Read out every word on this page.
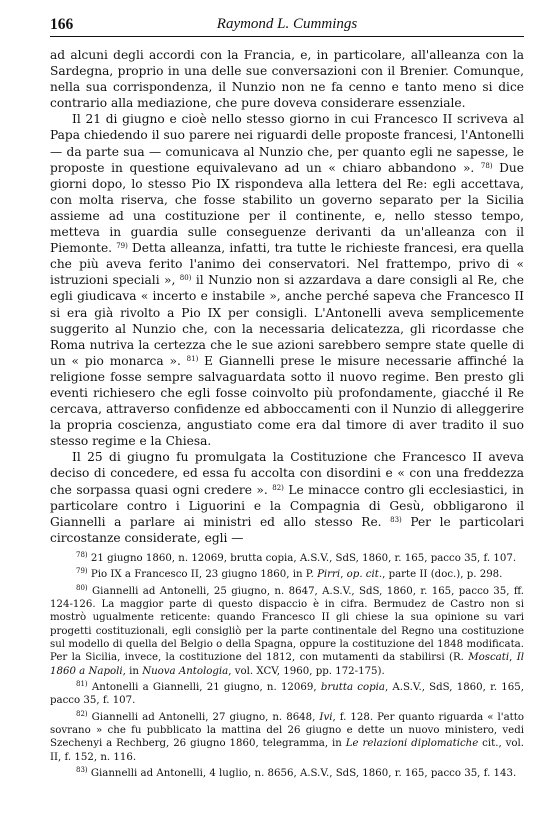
166	Raymond L. Cummings

ad alcuni degli accordi con la Francia, e, in particolare, all'alleanza con la Sardegna, proprio in una delle sue conversazioni con il Brenier. Comunque, nella sua corrispondenza, il Nunzio non ne fa cenno e tanto meno si dice contrario alla mediazione, che pure doveva considerare essenziale.

Il 21 di giugno e cioè nello stesso giorno in cui Francesco II scriveva al Papa chiedendo il suo parere nei riguardi delle proposte francesi, l'Antonelli — da parte sua — comunicava al Nunzio che, per quanto egli ne sapesse, le proposte in questione equivalevano ad un « chiaro abbandono ». $^{78)}$ Due giorni dopo, lo stesso Pio IX rispondeva alla lettera del Re: egli accettava, con molta riserva, che fosse stabilito un governo separato per la Sicilia assieme ad una costituzione per il continente, e, nello stesso tempo, metteva in guardia sulle conseguenze derivanti da un'alleanza con il Piemonte. $^{79)}$ Detta alleanza, infatti, tra tutte le richieste francesi, era quella che più aveva ferito l'animo dei conservatori. Nel frattempo, privo di « istruzioni speciali », $^{80)}$ il Nunzio non si azzardava a dare consigli al Re, che egli giudicava « incerto e instabile », anche perché sapeva che Francesco II si era già rivolto a Pio IX per consigli. L'Antonelli aveva semplicemente suggerito al Nunzio che, con la necessaria delicatezza, gli ricordasse che Roma nutriva la certezza che le sue azioni sarebbero sempre state quelle di un « pio monarca ». $^{81)}$ E Giannelli prese le misure necessarie affinché la religione fosse sempre salvaguardata sotto il nuovo regime. Ben presto gli eventi richiesero che egli fosse coinvolto più profondamente, giacché il Re cercava, attraverso confidenze ed abboccamenti con il Nunzio di alleggerire la propria coscienza, angustiato come era dal timore di aver tradito il suo stesso regime e la Chiesa.

Il 25 di giugno fu promulgata la Costituzione che Francesco II aveva deciso di concedere, ed essa fu accolta con disordini e « con una freddezza che sorpassa quasi ogni credere ». $^{82)}$ Le minacce contro gli ecclesiastici, in particolare contro i Liguorini e la Compagnia di Gesù, obbligarono il Giannelli a parlare ai ministri ed allo stesso Re. $^{83)}$ Per le particolari circostanze considerate, egli —

$^{78)}$ 21 giugno 1860, n. 12069, brutta copia, A.S.V., SdS, 1860, r. 165, pacco 35, f. 107.

$^{79)}$ Pio IX a Francesco II, 23 giugno 1860, in P. Pirri, op. cit., parte II (doc.), p. 298.

$^{80)}$ Giannelli ad Antonelli, 25 giugno, n. 8647, A.S.V., SdS, 1860, r. 165, pacco 35, ff. 124-126. La maggior parte di questo dispaccio è in cifra. Bermudez de Castro non si mostrò ugualmente reticente: quando Francesco II gli chiese la sua opinione su vari progetti costituzionali, egli consigliò per la parte continentale del Regno una costituzione sul modello di quella del Belgio o della Spagna, oppure la costituzione del 1848 modificata. Per la Sicilia, invece, la costituzione del 1812, con mutamenti da stabilirsi (R. Moscati, Il 1860 a Napoli, in Nuova Antologia, vol. XCV, 1960, pp. 172-175).

$^{81)}$ Antonelli a Giannelli, 21 giugno, n. 12069, brutta copia, A.S.V., SdS, 1860, r. 165, pacco 35, f. 107.

$^{82)}$ Giannelli ad Antonelli, 27 giugno, n. 8648, Ivi, f. 128. Per quanto riguarda « l'atto sovrano » che fu pubblicato la mattina del 26 giugno e dette un nuovo ministero, vedi Szechenyi a Rechberg, 26 giugno 1860, telegramma, in Le relazioni diplomatiche cit., vol. II, f. 152, n. 116.

$^{83)}$ Giannelli ad Antonelli, 4 luglio, n. 8656, A.S.V., SdS, 1860, r. 165, pacco 35, f. 143.
